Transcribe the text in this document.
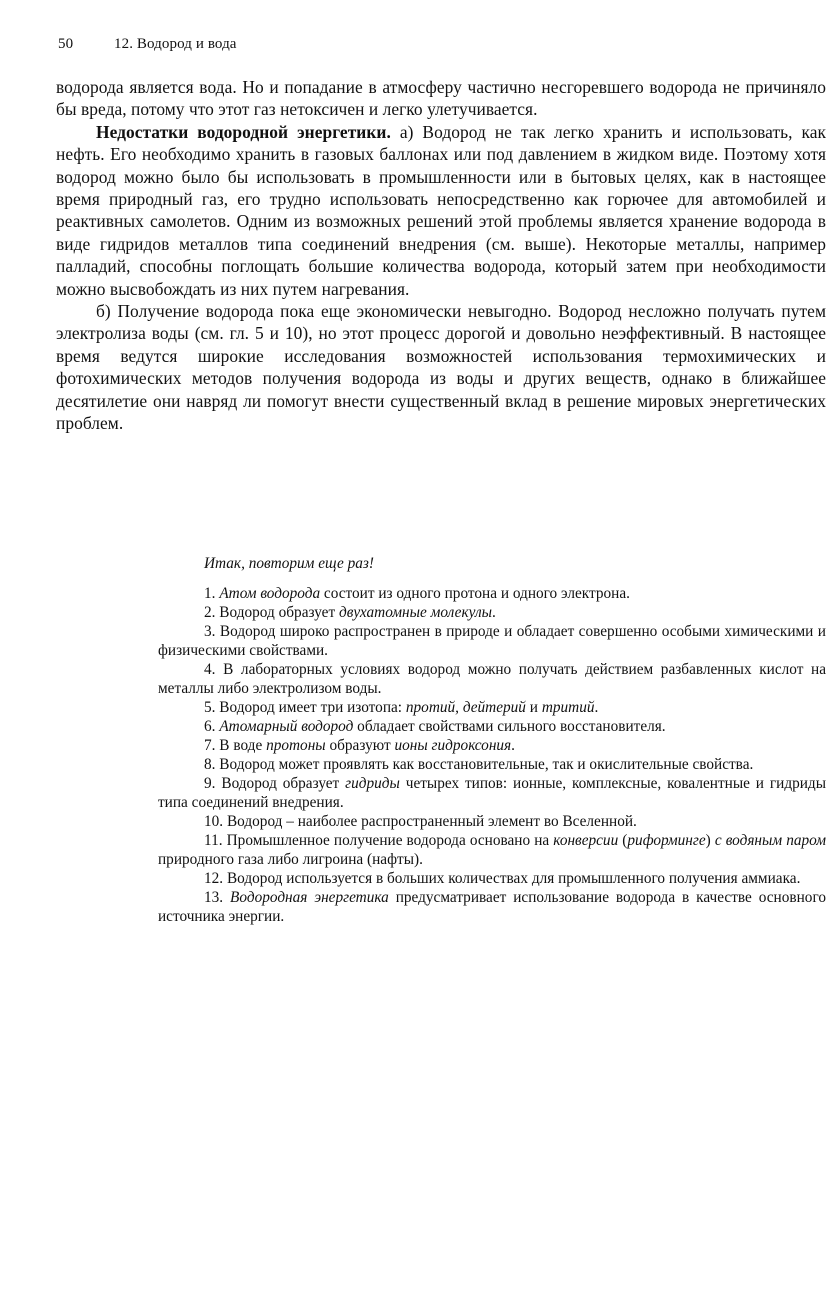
50	12. Водород и вода

водорода является вода. Но и попадание в атмосферу частично несгоревшего водорода не причиняло бы вреда, потому что этот газ нетоксичен и легко улетучивается.

Недостатки водородной энергетики. а) Водород не так легко хранить и использовать, как нефть. Его необходимо хранить в газовых баллонах или под давлением в жидком виде. Поэтому хотя водород можно было бы использовать в промышленности или в бытовых целях, как в настоящее время природный газ, его трудно использовать непосредственно как горючее для автомобилей и реактивных самолетов. Одним из возможных решений этой проблемы является хранение водорода в виде гидридов металлов типа соединений внедрения (см. выше). Некоторые металлы, например палладий, способны поглощать большие количества водорода, который затем при необходимости можно высвобождать из них путем нагревания.

б) Получение водорода пока еще экономически невыгодно. Водород несложно получать путем электролиза воды (см. гл. 5 и 10), но этот процесс дорогой и довольно неэффективный. В настоящее время ведутся широкие исследования возможностей использования термохимических и фотохимических методов получения водорода из воды и других веществ, однако в ближайшее десятилетие они навряд ли помогут внести существенный вклад в решение мировых энергетических проблем.

Итак, повторим еще раз!

1. Атом водорода состоит из одного протона и одного электрона.
2. Водород образует двухатомные молекулы.
3. Водород широко распространен в природе и обладает совершенно особыми химическими и физическими свойствами.
4. В лабораторных условиях водород можно получать действием разбавленных кислот на металлы либо электролизом воды.
5. Водород имеет три изотопа: протий, дейтерий и тритий.
6. Атомарный водород обладает свойствами сильного восстановителя.
7. В воде протоны образуют ионы гидроксония.
8. Водород может проявлять как восстановительные, так и окислительные свойства.
9. Водород образует гидриды четырех типов: ионные, комплексные, ковалентные и гидриды типа соединений внедрения.
10. Водород – наиболее распространенный элемент во Вселенной.
11. Промышленное получение водорода основано на конверсии (риформинге) с водяным паром природного газа либо лигроина (нафты).
12. Водород используется в больших количествах для промышленного получения аммиака.
13. Водородная энергетика предусматривает использование водорода в качестве основного источника энергии.
